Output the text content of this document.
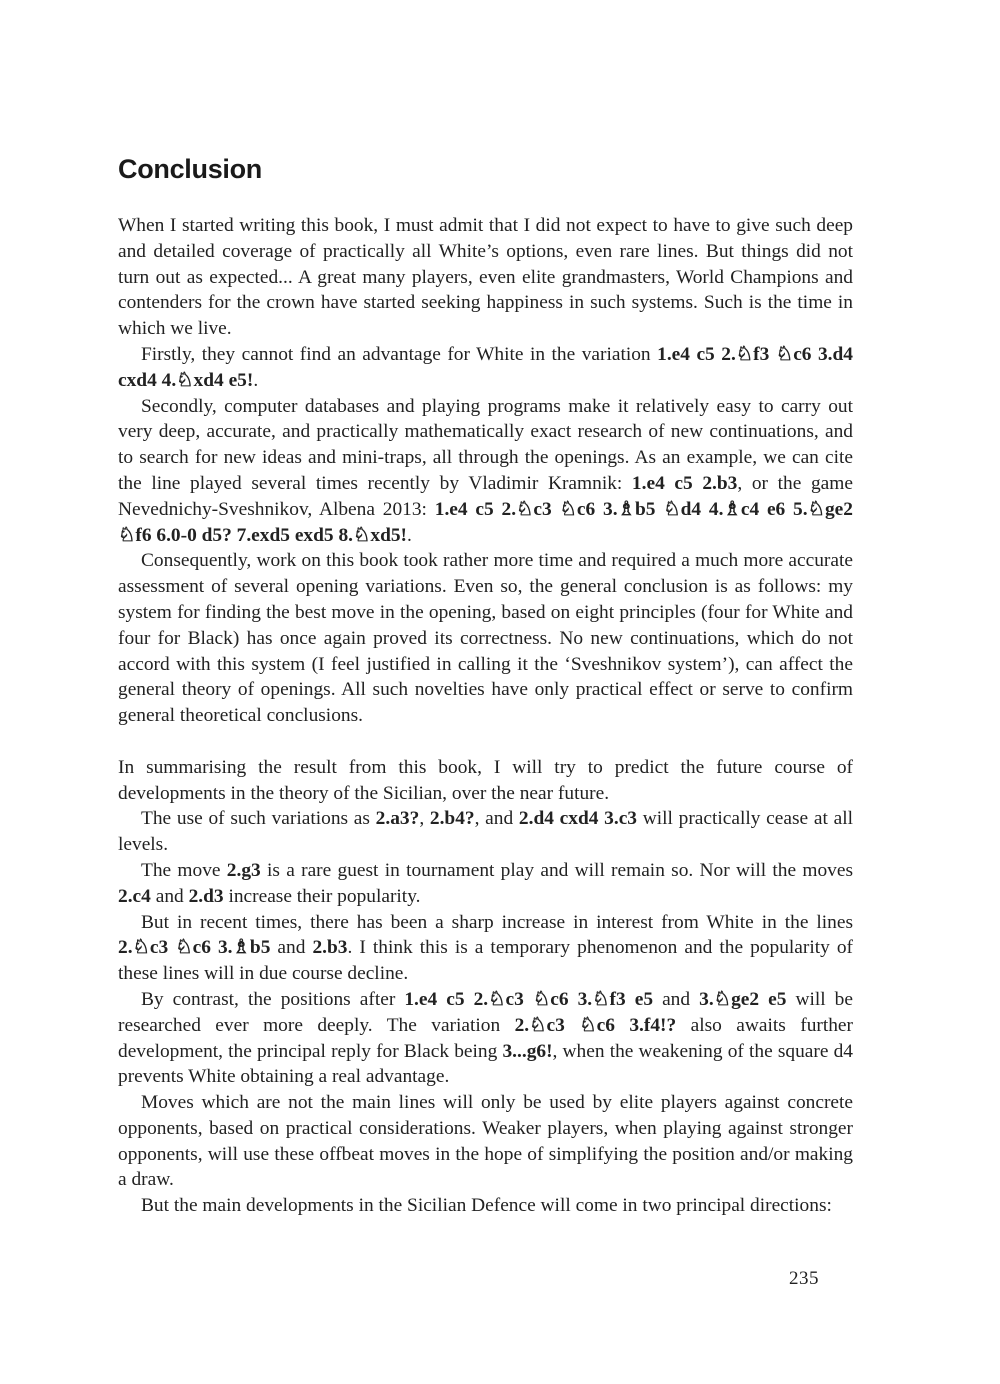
Conclusion

When I started writing this book, I must admit that I did not expect to have to give such deep and detailed coverage of practically all White’s options, even rare lines. But things did not turn out as expected... A great many players, even elite grandmasters, World Champions and contenders for the crown have started seeking happiness in such systems. Such is the time in which we live.

Firstly, they cannot find an advantage for White in the variation 1.e4 c5 2.♘f3 ♘c6 3.d4 cxd4 4.♘xd4 e5!.

Secondly, computer databases and playing programs make it relatively easy to carry out very deep, accurate, and practically mathematically exact research of new continuations, and to search for new ideas and mini-traps, all through the openings. As an example, we can cite the line played several times recently by Vladimir Kramnik: 1.e4 c5 2.b3, or the game Nevednichy-Sveshnikov, Albena 2013: 1.e4 c5 2.♘c3 ♘c6 3.♗b5 ♘d4 4.♗c4 e6 5.♘ge2 ♘f6 6.0-0 d5? 7.exd5 exd5 8.♘xd5!.

Consequently, work on this book took rather more time and required a much more accurate assessment of several opening variations. Even so, the general conclusion is as follows: my system for finding the best move in the opening, based on eight principles (four for White and four for Black) has once again proved its correctness. No new continuations, which do not accord with this system (I feel justified in calling it the ‘Sveshnikov system’), can affect the general theory of openings. All such novelties have only practical effect or serve to confirm general theoretical conclusions.

In summarising the result from this book, I will try to predict the future course of developments in the theory of the Sicilian, over the near future.

The use of such variations as 2.a3?, 2.b4?, and 2.d4 cxd4 3.c3 will practically cease at all levels.

The move 2.g3 is a rare guest in tournament play and will remain so. Nor will the moves 2.c4 and 2.d3 increase their popularity.

But in recent times, there has been a sharp increase in interest from White in the lines 2.♘c3 ♘c6 3.♗b5 and 2.b3. I think this is a temporary phenomenon and the popularity of these lines will in due course decline.

By contrast, the positions after 1.e4 c5 2.♘c3 ♘c6 3.♘f3 e5 and 3.♘ge2 e5 will be researched ever more deeply. The variation 2.♘c3 ♘c6 3.f4!? also awaits further development, the principal reply for Black being 3...g6!, when the weakening of the square d4 prevents White obtaining a real advantage.

Moves which are not the main lines will only be used by elite players against concrete opponents, based on practical considerations. Weaker players, when playing against stronger opponents, will use these offbeat moves in the hope of simplifying the position and/or making a draw.

But the main developments in the Sicilian Defence will come in two principal directions:

235
